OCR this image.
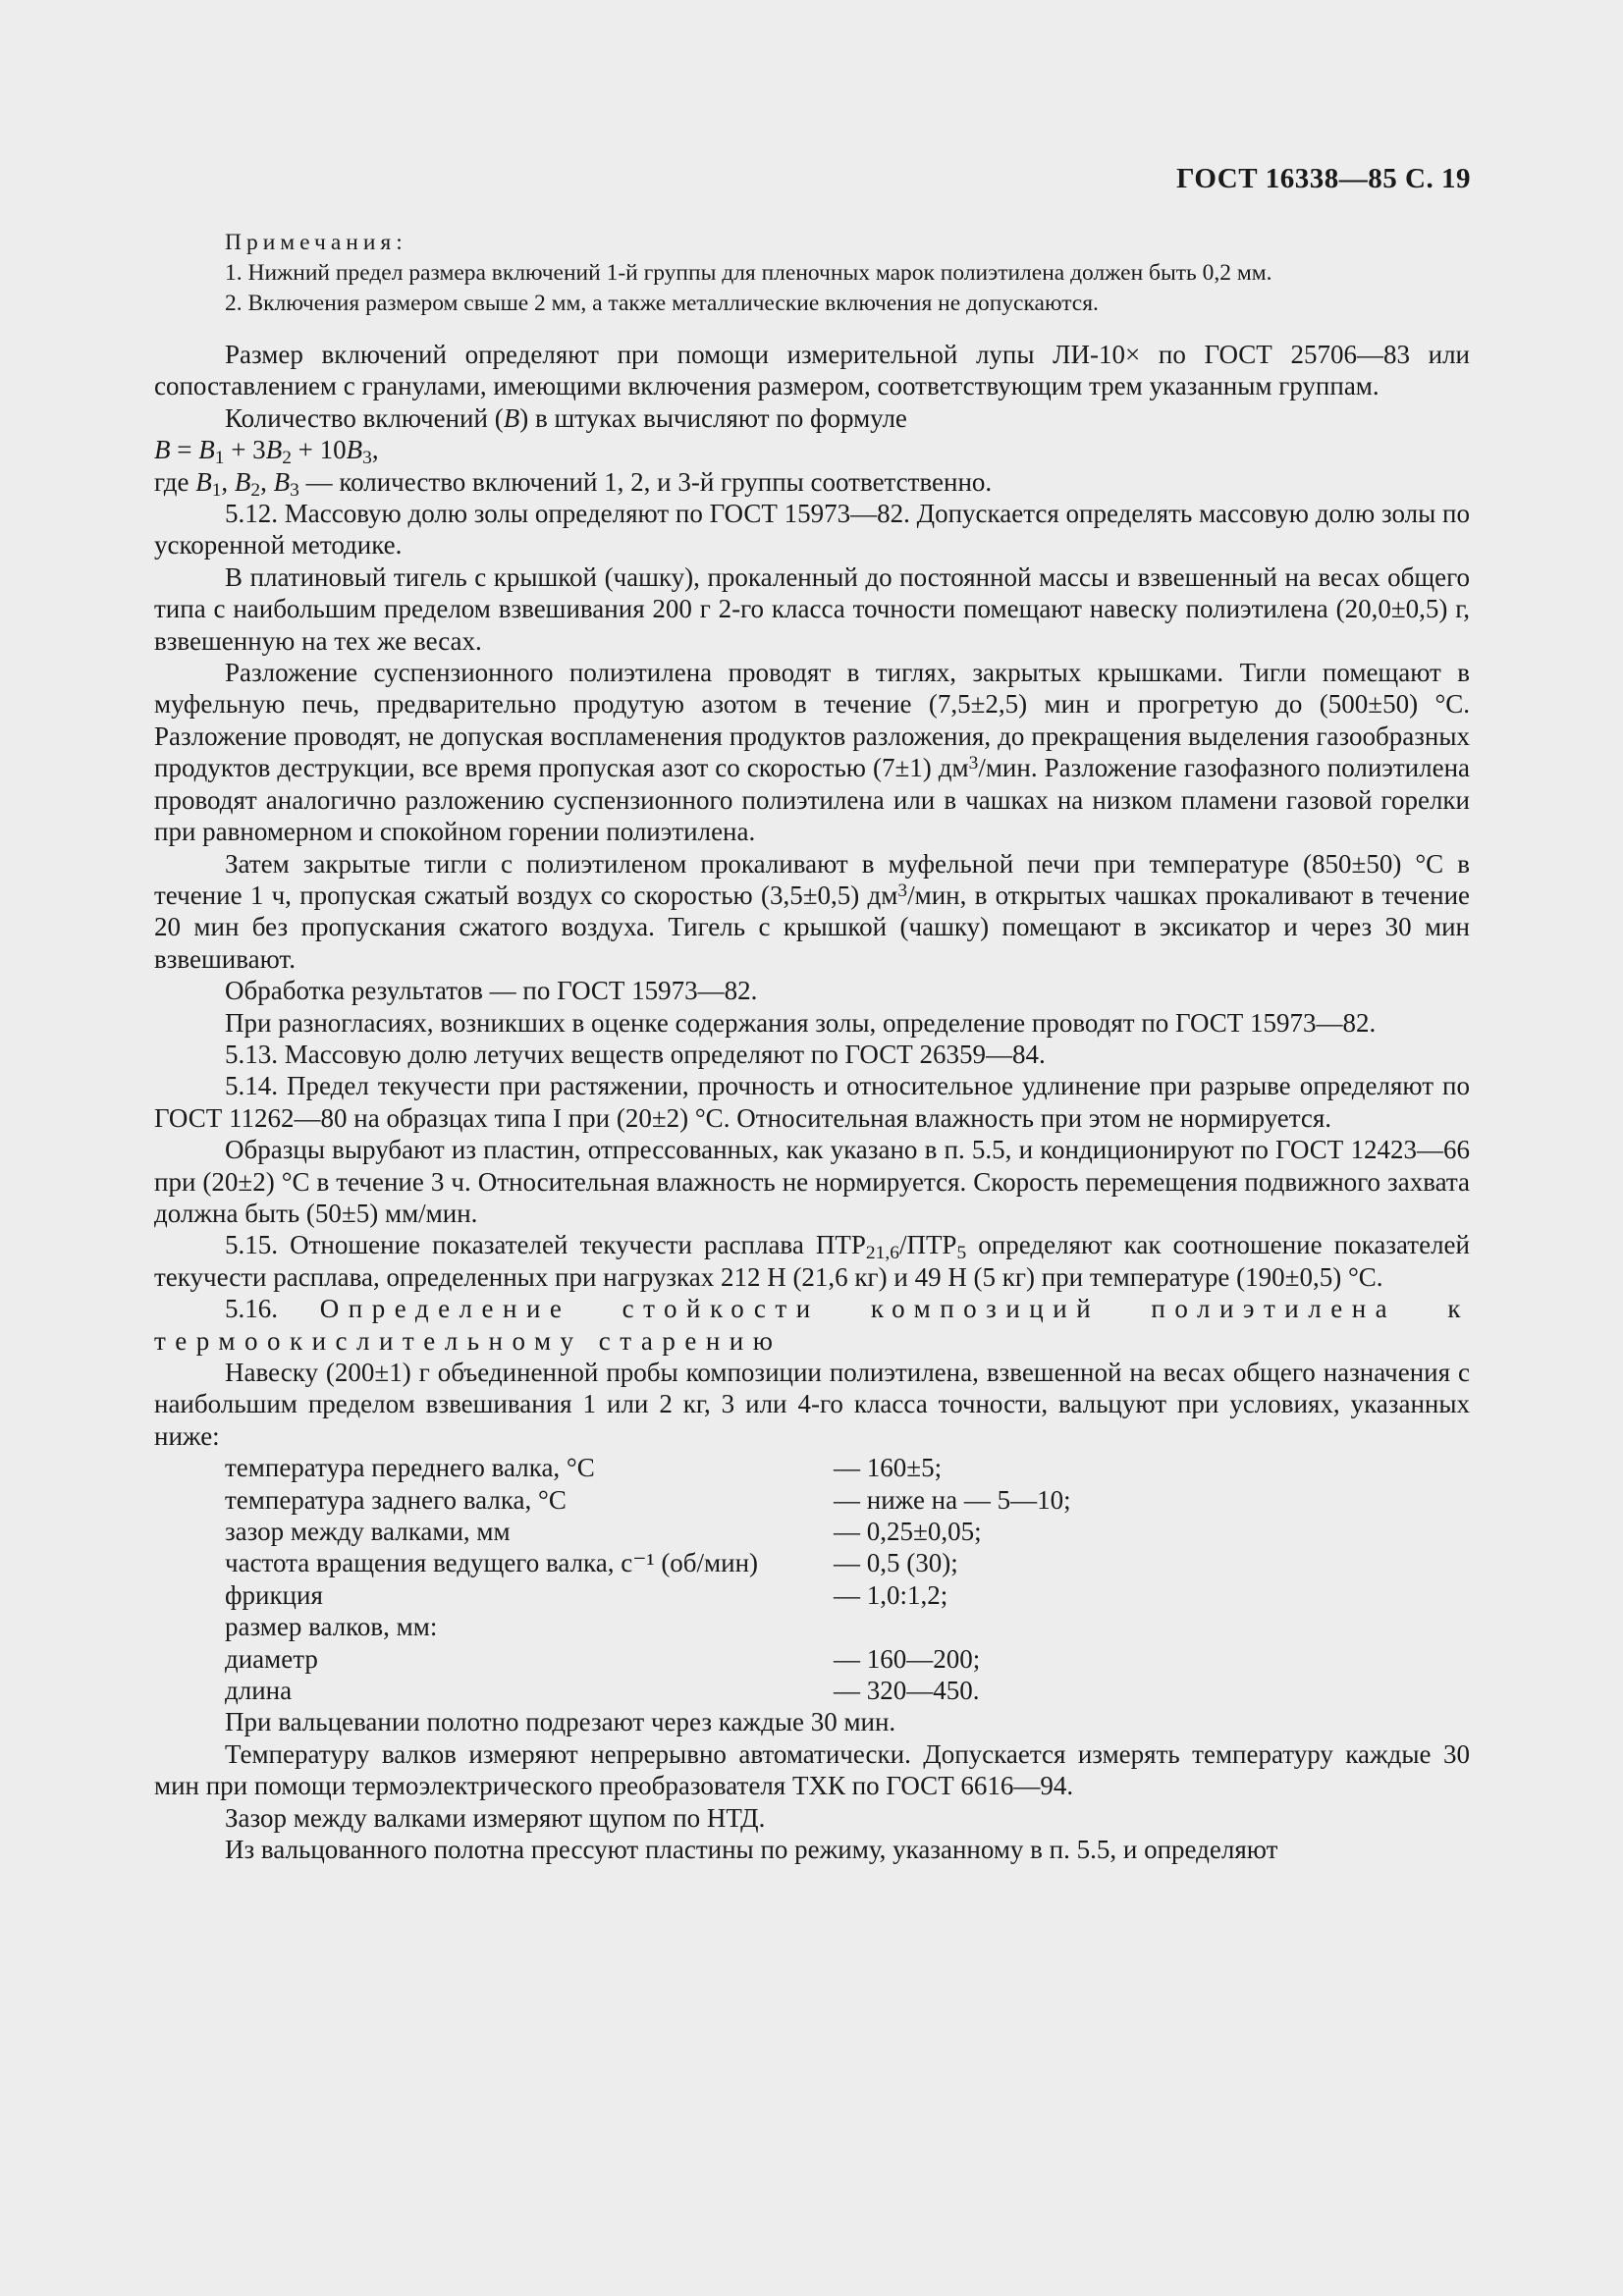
ГОСТ 16338—85 С. 19

Примечания:

1. Нижний предел размера включений 1-й группы для пленочных марок полиэтилена должен быть 0,2 мм.

2. Включения размером свыше 2 мм, а также металлические включения не допускаются.

Размер включений определяют при помощи измерительной лупы ЛИ-10× по ГОСТ 25706—83 или сопоставлением с гранулами, имеющими включения размером, соответствующим трем указанным группам.

Количество включений (В) в штуках вычисляют по формуле

$В = В_1 + 3В_2 + 10В_3$,

где $В_1$, $В_2$, $В_3$ — количество включений 1, 2, и 3-й группы соответственно.

5.12. Массовую долю золы определяют по ГОСТ 15973—82. Допускается определять массовую долю золы по ускоренной методике.

В платиновый тигель с крышкой (чашку), прокаленный до постоянной массы и взвешенный на весах общего типа с наибольшим пределом взвешивания 200 г 2-го класса точности помещают навеску полиэтилена (20,0±0,5) г, взвешенную на тех же весах.

Разложение суспензионного полиэтилена проводят в тиглях, закрытых крышками. Тигли помещают в муфельную печь, предварительно продутую азотом в течение (7,5±2,5) мин и прогретую до (500±50) °С. Разложение проводят, не допуская воспламенения продуктов разложения, до прекращения выделения газообразных продуктов деструкции, все время пропуская азот со скоростью (7±1) $дм^3$/мин. Разложение газофазного полиэтилена проводят аналогично разложению суспензионного полиэтилена или в чашках на низком пламени газовой горелки при равномерном и спокойном горении полиэтилена.

Затем закрытые тигли с полиэтиленом прокаливают в муфельной печи при температуре (850±50) °С в течение 1 ч, пропуская сжатый воздух со скоростью (3,5±0,5) $дм^3$/мин, в открытых чашках прокаливают в течение 20 мин без пропускания сжатого воздуха. Тигель с крышкой (чашку) помещают в эксикатор и через 30 мин взвешивают.

Обработка результатов — по ГОСТ 15973—82.

При разногласиях, возникших в оценке содержания золы, определение проводят по ГОСТ 15973—82.

5.13. Массовую долю летучих веществ определяют по ГОСТ 26359—84.

5.14. Предел текучести при растяжении, прочность и относительное удлинение при разрыве определяют по ГОСТ 11262—80 на образцах типа I при (20±2) °С. Относительная влажность при этом не нормируется.

Образцы вырубают из пластин, отпрессованных, как указано в п. 5.5, и кондиционируют по ГОСТ 12423—66 при (20±2) °С в течение 3 ч. Относительная влажность не нормируется. Скорость перемещения подвижного захвата должна быть (50±5) мм/мин.

5.15. Отношение показателей текучести расплава $ПТР_{21,6}/ПТР_5$ определяют как соотношение показателей текучести расплава, определенных при нагрузках 212 Н (21,6 кг) и 49 Н (5 кг) при температуре (190±0,5) °С.

5.16. Определение стойкости композиций полиэтилена к термоокислительному старению

Навеску (200±1) г объединенной пробы композиции полиэтилена, взвешенной на весах общего назначения с наибольшим пределом взвешивания 1 или 2 кг, 3 или 4-го класса точности, вальцуют при условиях, указанных ниже:

температура переднего валка, °С	— 160±5;
температура заднего валка, °С	— ниже на — 5—10;
зазор между валками, мм	— 0,25±0,05;
частота вращения ведущего валка, с⁻¹ (об/мин)	— 0,5 (30);
фрикция	— 1,0:1,2;
размер валков, мм:
диаметр	— 160—200;
длина	— 320—450.

При вальцевании полотно подрезают через каждые 30 мин.

Температуру валков измеряют непрерывно автоматически. Допускается измерять температуру каждые 30 мин при помощи термоэлектрического преобразователя ТХК по ГОСТ 6616—94.

Зазор между валками измеряют щупом по НТД.

Из вальцованного полотна прессуют пластины по режиму, указанному в п. 5.5, и определяют
